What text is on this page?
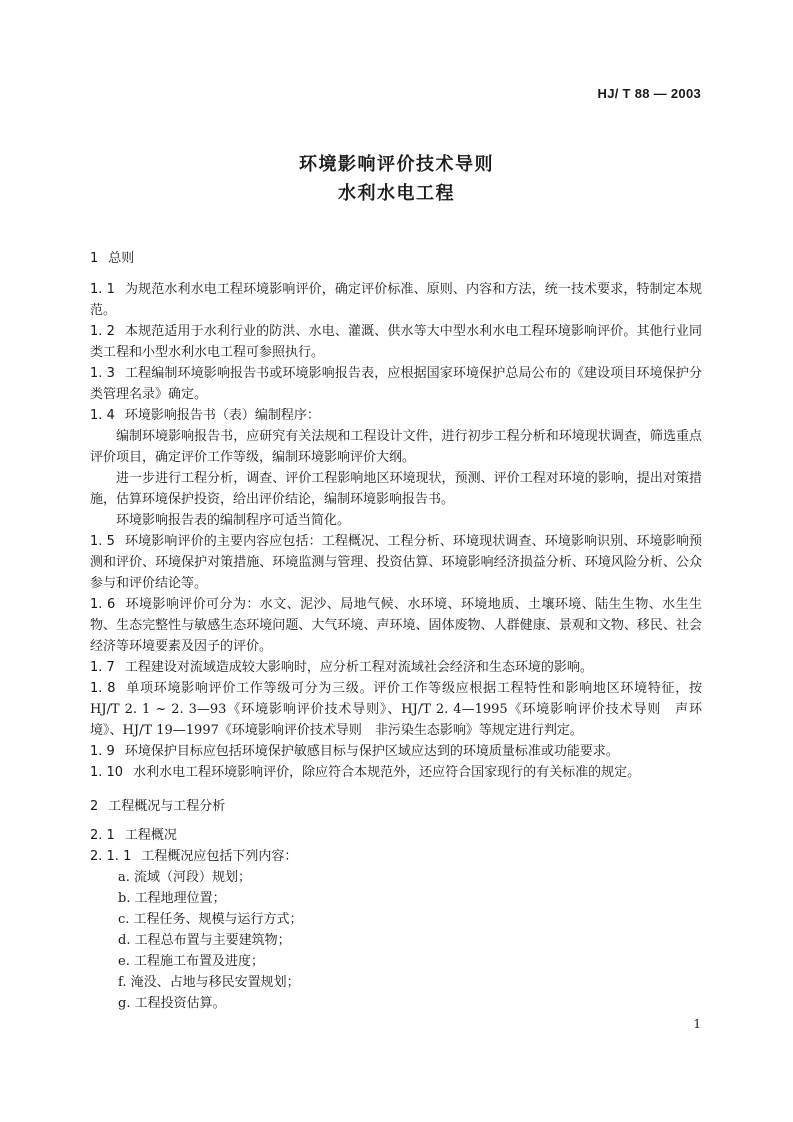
HJ/ T 88 — 2003
环境影响评价技术导则
水利水电工程
1 总则
1. 1 为规范水利水电工程环境影响评价，确定评价标准、原则、内容和方法，统一技术要求，特制定本规范。
1. 2 本规范适用于水利行业的防洪、水电、灌溉、供水等大中型水利水电工程环境影响评价。其他行业同类工程和小型水利水电工程可参照执行。
1. 3 工程编制环境影响报告书或环境影响报告表，应根据国家环境保护总局公布的《建设项目环境保护分类管理名录》确定。
1. 4 环境影响报告书（表）编制程序：
编制环境影响报告书，应研究有关法规和工程设计文件，进行初步工程分析和环境现状调查，筛选重点评价项目，确定评价工作等级，编制环境影响评价大纲。
进一步进行工程分析，调查、评价工程影响地区环境现状，预测、评价工程对环境的影响，提出对策措施，估算环境保护投资，给出评价结论，编制环境影响报告书。
环境影响报告表的编制程序可适当简化。
1. 5 环境影响评价的主要内容应包括：工程概况、工程分析、环境现状调查、环境影响识别、环境影响预测和评价、环境保护对策措施、环境监测与管理、投资估算、环境影响经济损益分析、环境风险分析、公众参与和评价结论等。
1. 6 环境影响评价可分为：水文、泥沙、局地气候、水环境、环境地质、土壤环境、陆生生物、水生生物、生态完整性与敏感生态环境问题、大气环境、声环境、固体废物、人群健康、景观和文物、移民、社会经济等环境要素及因子的评价。
1. 7 工程建设对流域造成较大影响时，应分析工程对流域社会经济和生态环境的影响。
1. 8 单项环境影响评价工作等级可分为三级。评价工作等级应根据工程特性和影响地区环境特征，按 HJ/T 2. 1 ~ 2. 3—93《环境影响评价技术导则》、HJ/T 2. 4—1995《环境影响评价技术导则　声环境》、HJ/T 19—1997《环境影响评价技术导则　非污染生态影响》等规定进行判定。
1. 9 环境保护目标应包括环境保护敏感目标与保护区域应达到的环境质量标准或功能要求。
1. 10 水利水电工程环境影响评价，除应符合本规范外，还应符合国家现行的有关标准的规定。
2 工程概况与工程分析
2. 1 工程概况
2. 1. 1 工程概况应包括下列内容：
a. 流域（河段）规划；
b. 工程地理位置；
c. 工程任务、规模与运行方式；
d. 工程总布置与主要建筑物；
e. 工程施工布置及进度；
f. 淹没、占地与移民安置规划；
g. 工程投资估算。
1
